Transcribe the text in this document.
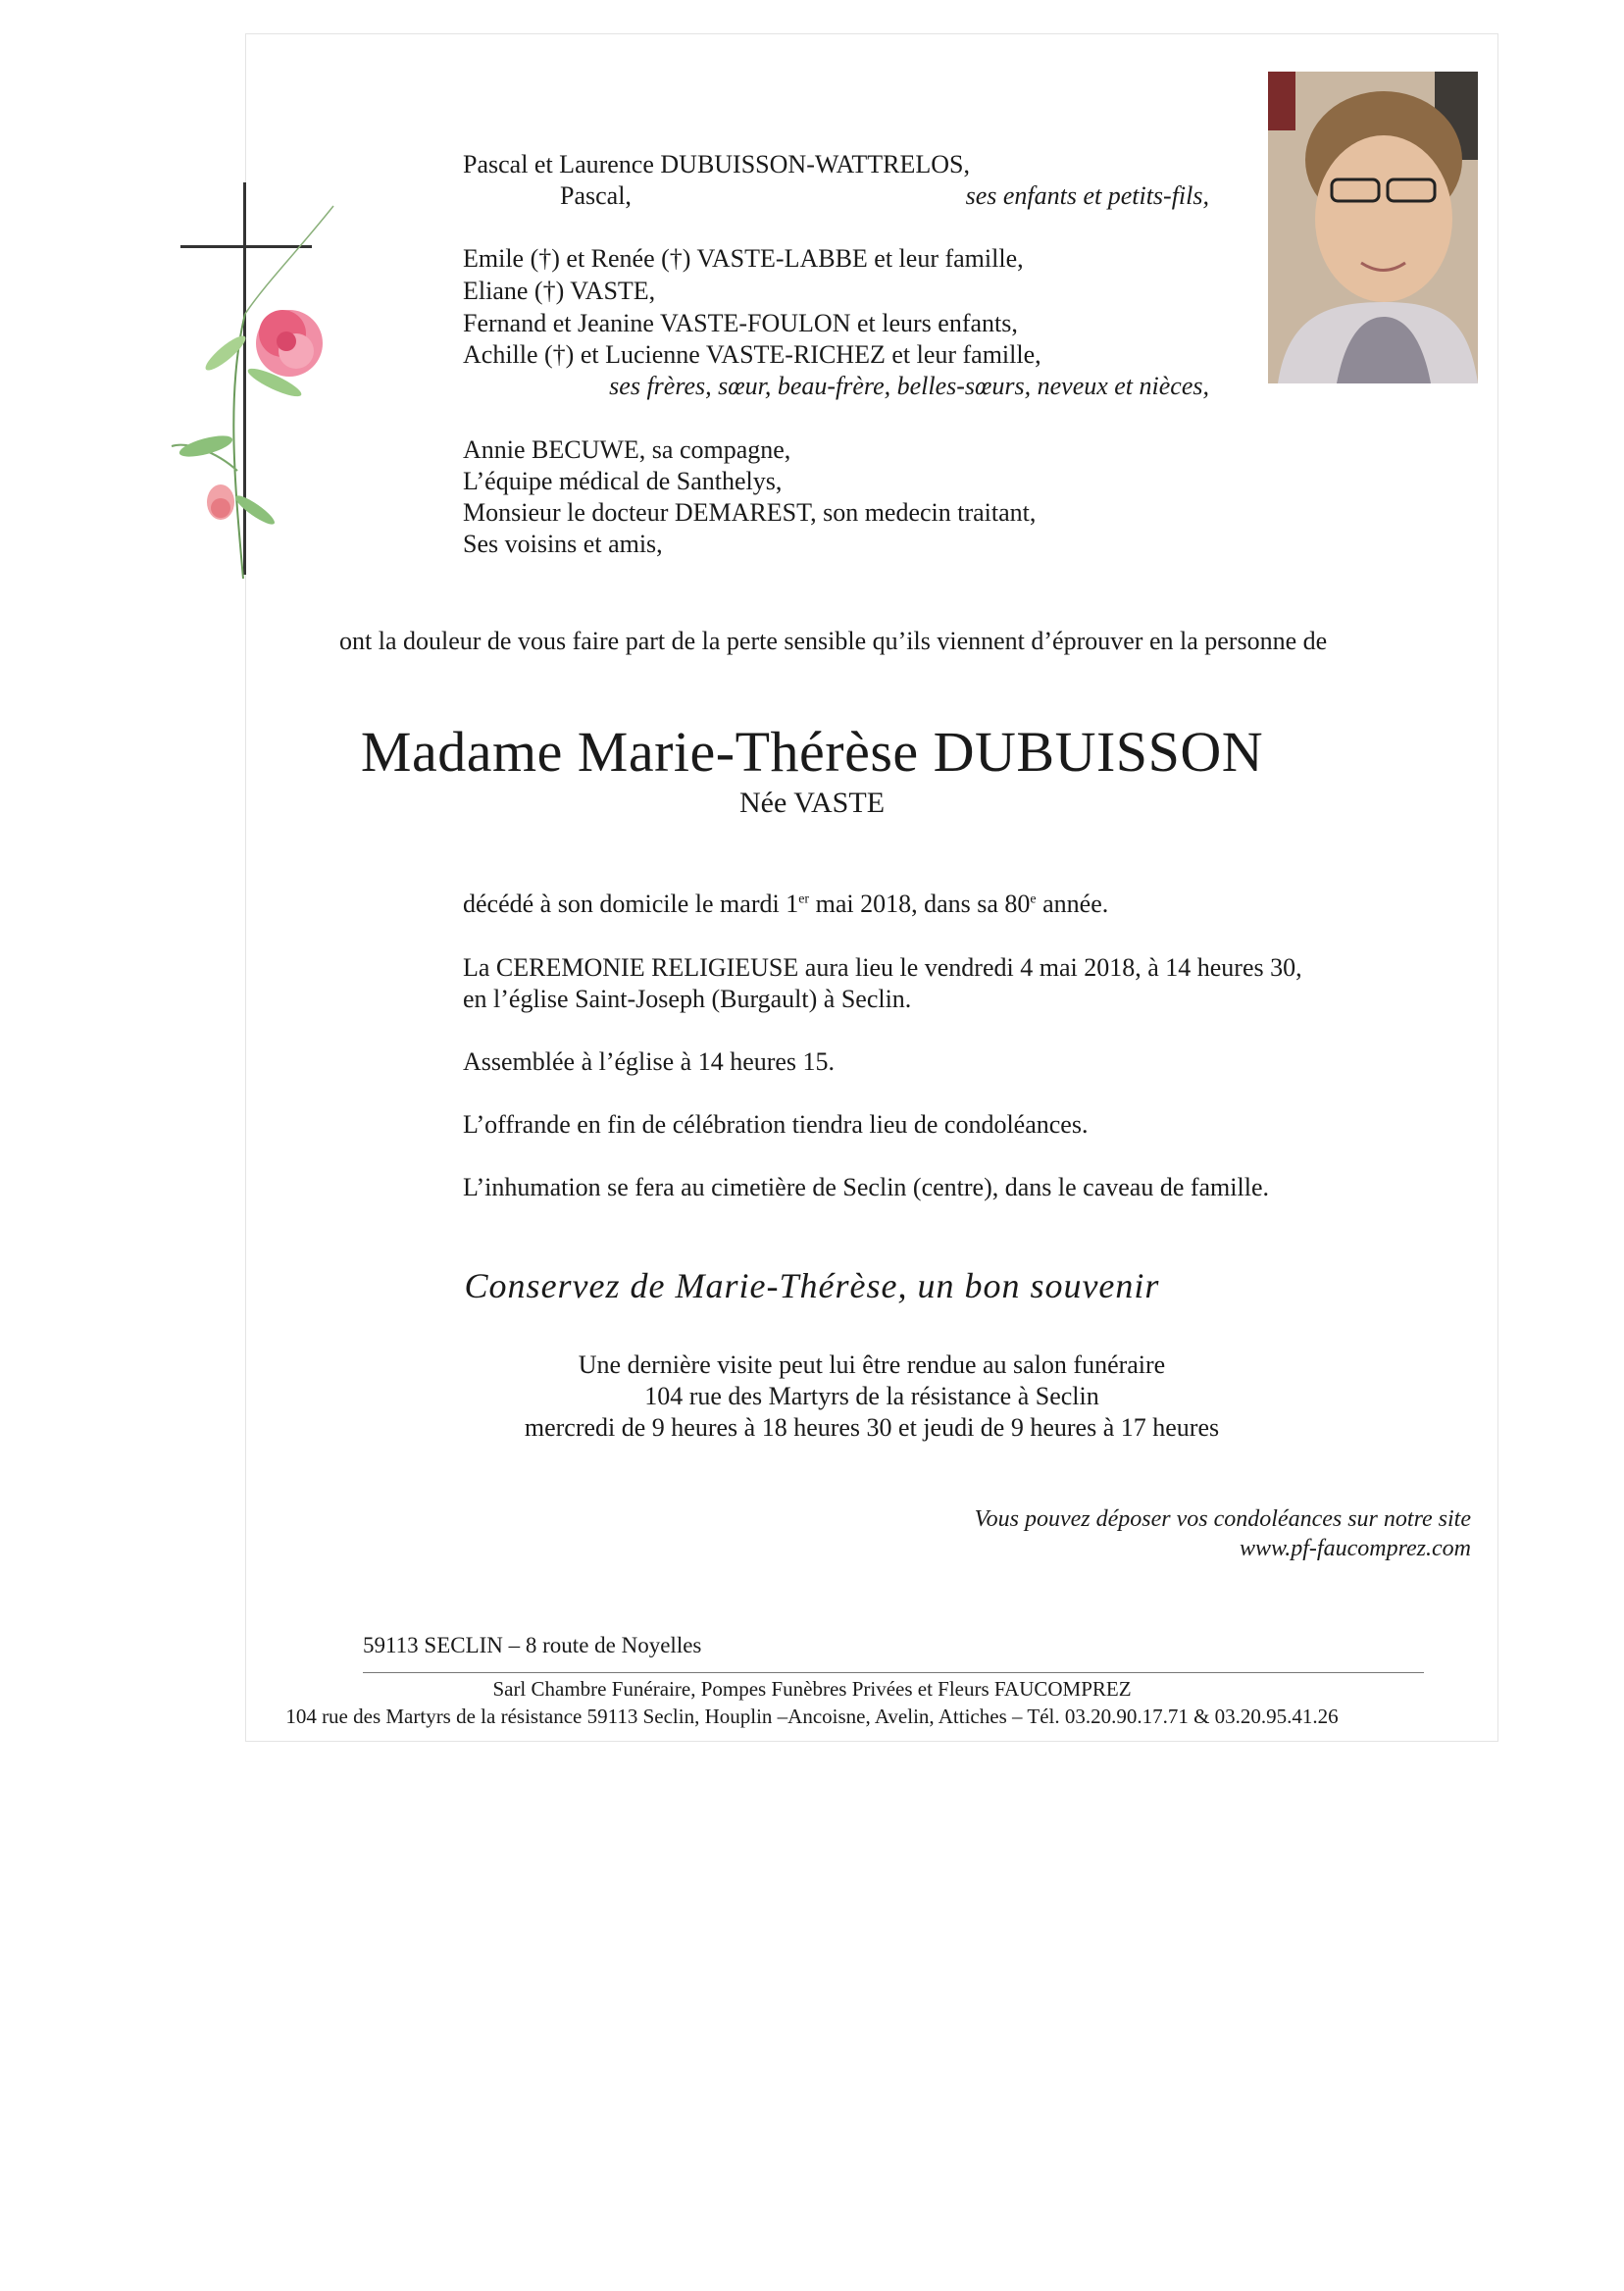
Pascal et Laurence DUBUISSON-WATTRELOS,
Pascal,	ses enfants et petits-fils,
Emile (†) et Renée (†) VASTE-LABBE et leur famille,
Eliane (†) VASTE,
Fernand et Jeanine VASTE-FOULON et leurs enfants,
Achille (†) et Lucienne VASTE-RICHEZ et leur famille,
ses frères, sœur, beau-frère, belles-sœurs, neveux et nièces,
Annie BECUWE, sa compagne,
L’équipe médical de Santhelys,
Monsieur le docteur DEMAREST, son medecin traitant,
Ses voisins et amis,
ont la douleur de vous faire part de la perte sensible qu’ils viennent d’éprouver en la personne de
Madame Marie-Thérèse DUBUISSON
Née VASTE
décédé à son domicile le mardi 1er mai 2018, dans sa 80e année.
La CEREMONIE RELIGIEUSE aura lieu le vendredi 4 mai 2018, à 14 heures 30,
en l’église Saint-Joseph (Burgault) à Seclin.
Assemblée à l’église à 14 heures 15.
L’offrande en fin de célébration tiendra lieu de condoléances.
L’inhumation se fera au cimetière de Seclin (centre), dans le caveau de famille.
Conservez de Marie-Thérèse, un bon souvenir
Une dernière visite peut lui être rendue au salon funéraire
104 rue des Martyrs de la résistance à Seclin
mercredi de 9 heures à 18 heures 30 et jeudi de 9 heures à 17 heures
Vous pouvez déposer vos condoléances sur notre site
www.pf-faucomprez.com
59113 SECLIN – 8 route de Noyelles
Sarl Chambre Funéraire, Pompes Funèbres Privées et Fleurs FAUCOMPREZ
104 rue des Martyrs de la résistance 59113 Seclin, Houplin –Ancoisne, Avelin, Attiches – Tél. 03.20.90.17.71 & 03.20.95.41.26
